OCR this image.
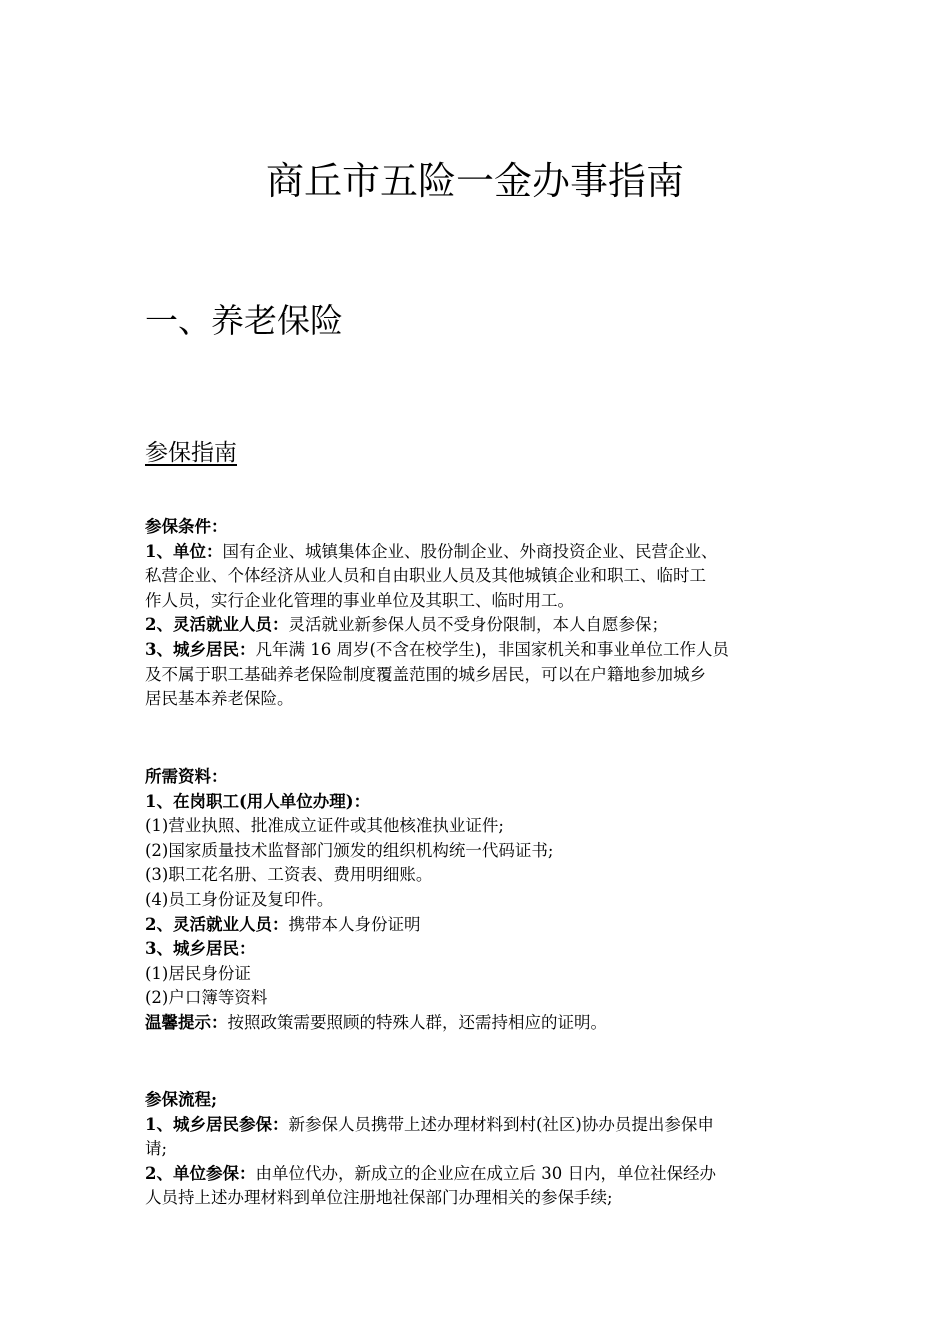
商丘市五险一金办事指南
一、养老保险
参保指南
参保条件：
1、单位：国有企业、城镇集体企业、股份制企业、外商投资企业、民营企业、
私营企业、个体经济从业人员和自由职业人员及其他城镇企业和职工、临时工
作人员，实行企业化管理的事业单位及其职工、临时用工。
2、灵活就业人员：灵活就业新参保人员不受身份限制，本人自愿参保；
3、城乡居民：凡年满 16 周岁(不含在校学生)，非国家机关和事业单位工作人员
及不属于职工基础养老保险制度覆盖范围的城乡居民，可以在户籍地参加城乡
居民基本养老保险。
所需资料：
1、在岗职工(用人单位办理)：
(1)营业执照、批准成立证件或其他核准执业证件;
(2)国家质量技术监督部门颁发的组织机构统一代码证书;
(3)职工花名册、工资表、费用明细账。
(4)员工身份证及复印件。
2、灵活就业人员：携带本人身份证明
3、城乡居民：
(1)居民身份证
(2)户口簿等资料
温馨提示：按照政策需要照顾的特殊人群，还需持相应的证明。
参保流程;
1、城乡居民参保：新参保人员携带上述办理材料到村(社区)协办员提出参保申
请;
2、单位参保：由单位代办，新成立的企业应在成立后 30 日内，单位社保经办
人员持上述办理材料到单位注册地社保部门办理相关的参保手续;
